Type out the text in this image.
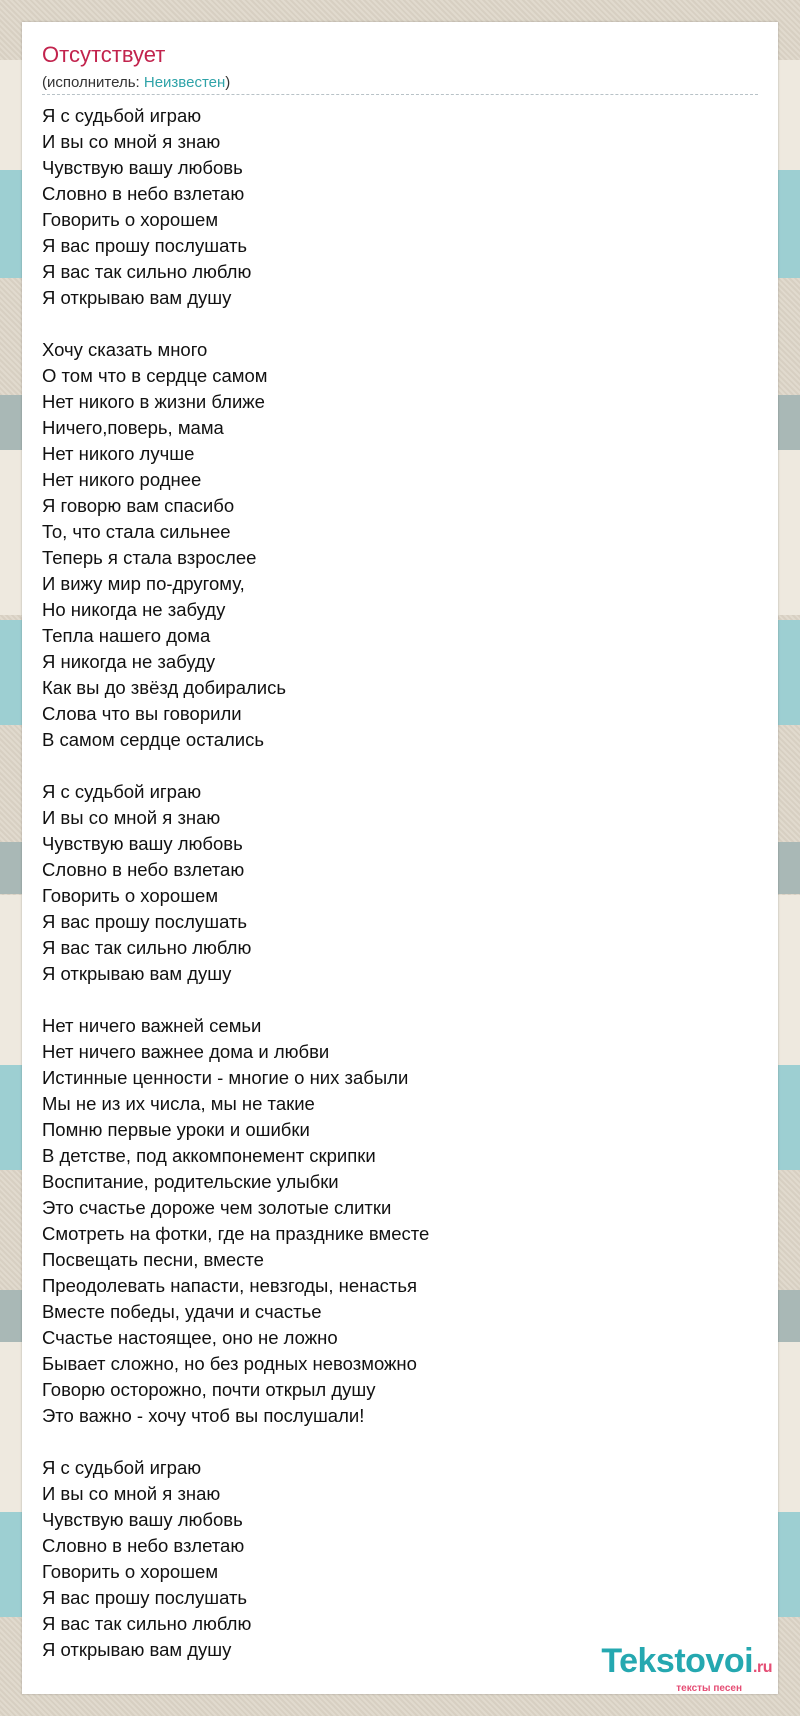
Отсутствует
(исполнитель: Неизвестен)
Я с судьбой играю
И вы со мной я знаю
Чувствую вашу любовь
Словно в небо взлетаю
Говорить о хорошем
Я вас прошу послушать
Я вас так сильно люблю
Я открываю вам душу
Хочу сказать много
О том что в сердце самом
Нет никого в жизни ближе
Ничего,поверь, мама
Нет никого лучше
Нет никого роднее
Я говорю вам спасибо
То, что стала сильнее
Теперь я стала взрослее
И вижу мир по-другому,
Но никогда не забуду
Тепла нашего дома
Я никогда не забуду
Как вы до звёзд добирались
Слова что вы говорили
В самом сердце остались
Я с судьбой играю
И вы со мной я знаю
Чувствую вашу любовь
Словно в небо взлетаю
Говорить о хорошем
Я вас прошу послушать
Я вас так сильно люблю
Я открываю вам душу
Нет ничего важней семьи
Нет ничего важнее дома и любви
Истинные ценности - многие о них забыли
Мы не из их числа, мы не такие
Помню первые уроки и ошибки
В детстве, под аккомпонемент скрипки
Воспитание, родительские улыбки
Это счастье дороже чем золотые слитки
Смотреть на фотки, где на празднике вместе
Посвещать песни, вместе
Преодолевать напасти, невзгоды, ненастья
Вместе победы, удачи и счастье
Счастье настоящее, оно не ложно
Бывает сложно, но без родных невозможно
Говорю осторожно, почти открыл душу
Это важно - хочу чтоб вы послушали!
Я с судьбой играю
И вы со мной я знаю
Чувствую вашу любовь
Словно в небо взлетаю
Говорить о хорошем
Я вас прошу послушать
Я вас так сильно люблю
Я открываю вам душу	Tekstovoi.ru
тексты песен
